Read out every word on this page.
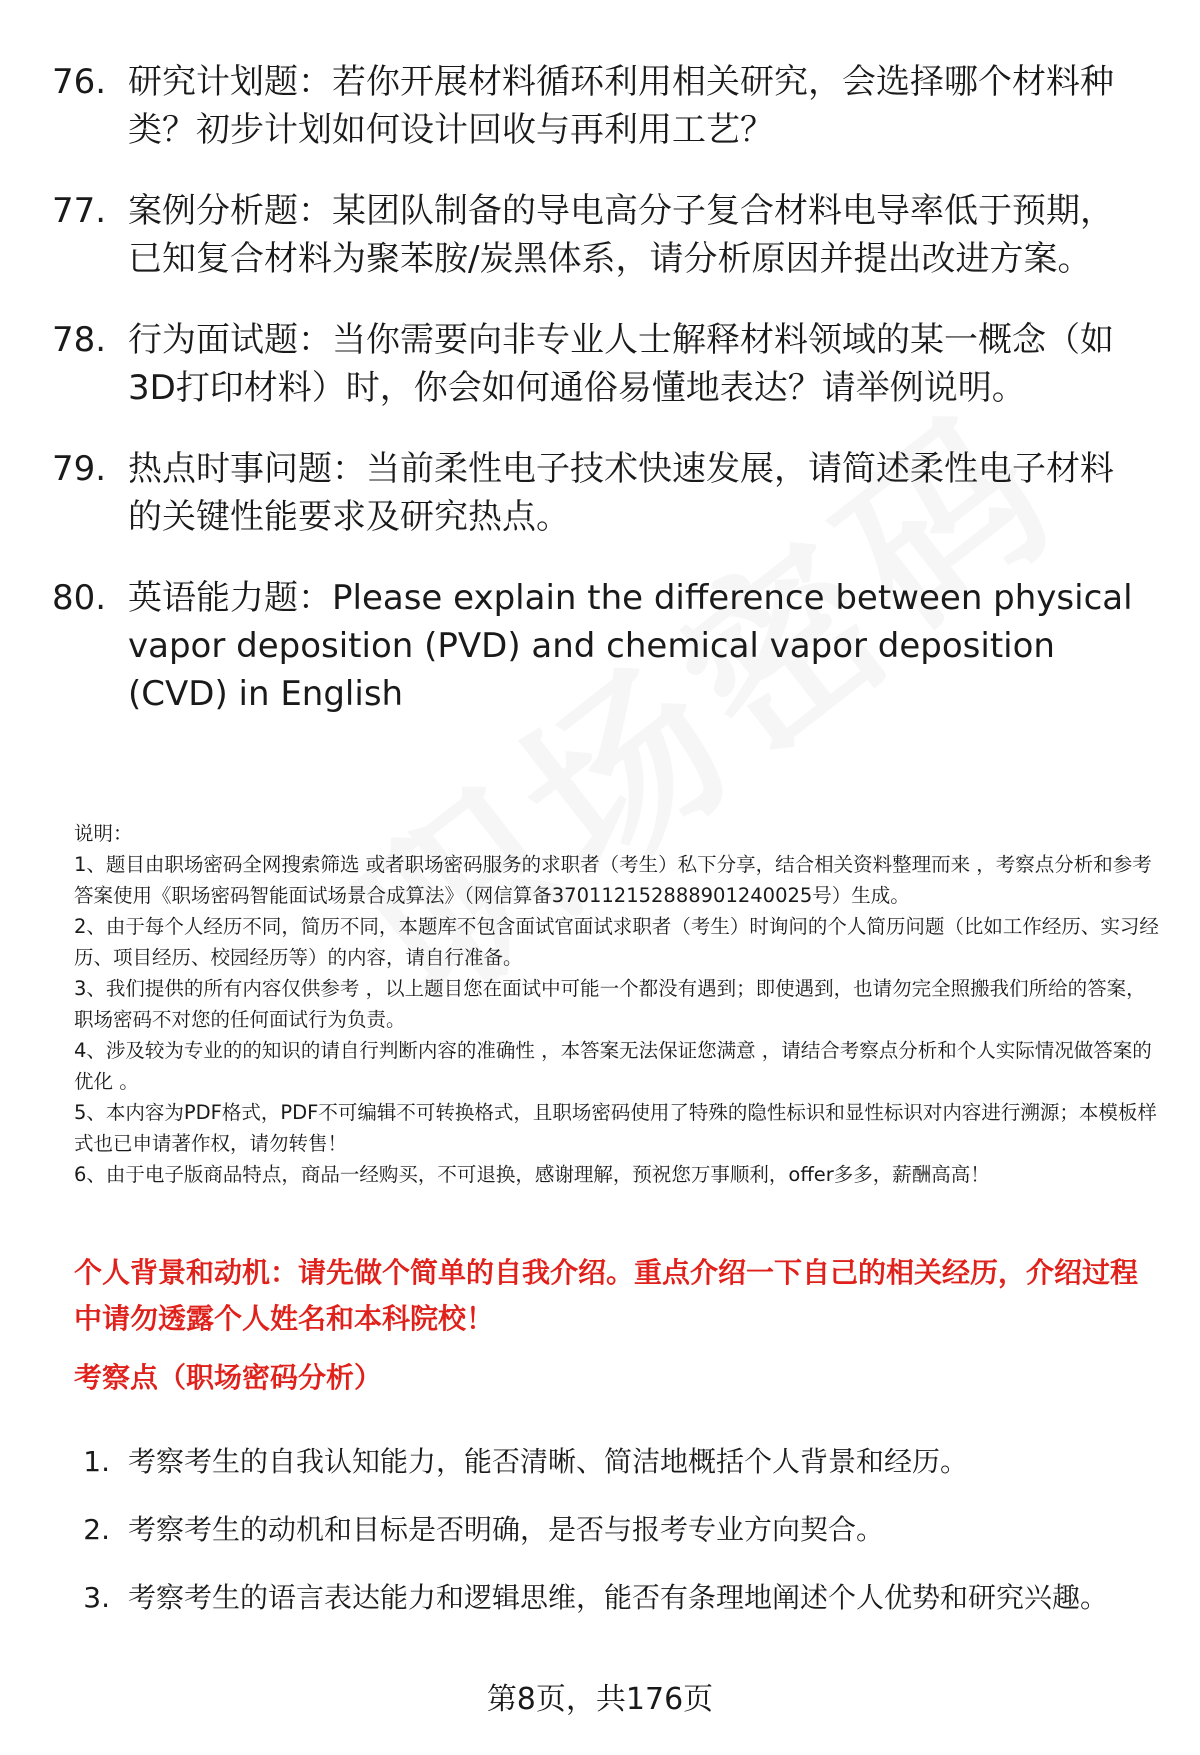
76. 研究计划题：若你开展材料循环利用相关研究，会选择哪个材料种类？初步计划如何设计回收与再利用工艺？
77. 案例分析题：某团队制备的导电高分子复合材料电导率低于预期，已知复合材料为聚苯胺/炭黑体系，请分析原因并提出改进方案。
78. 行为面试题：当你需要向非专业人士解释材料领域的某一概念（如3D打印材料）时，你会如何通俗易懂地表达？请举例说明。
79. 热点时事问题：当前柔性电子技术快速发展，请简述柔性电子材料的关键性能要求及研究热点。
80. 英语能力题：Please explain the difference between physical vapor deposition (PVD) and chemical vapor deposition (CVD) in English
说明：
1、题目由职场密码全网搜索筛选 或者职场密码服务的求职者（考生）私下分享，结合相关资料整理而来 ，考察点分析和参考答案使用《职场密码智能面试场景合成算法》（网信算备370112152888901240025号）生成。
2、由于每个人经历不同，简历不同，本题库不包含面试官面试求职者（考生）时询问的个人简历问题（比如工作经历、实习经历、项目经历、校园经历等）的内容，请自行准备。
3、我们提供的所有内容仅供参考 ，以上题目您在面试中可能一个都没有遇到；即使遇到，也请勿完全照搬我们所给的答案，职场密码不对您的任何面试行为负责。
4、涉及较为专业的的知识的请自行判断内容的准确性 ，本答案无法保证您满意 ，请结合考察点分析和个人实际情况做答案的优化 。
5、本内容为PDF格式，PDF不可编辑不可转换格式，且职场密码使用了特殊的隐性标识和显性标识对内容进行溯源；本模板样式也已申请著作权，请勿转售！
6、由于电子版商品特点，商品一经购买，不可退换，感谢理解，预祝您万事顺利，offer多多，薪酬高高！
个人背景和动机：请先做个简单的自我介绍。重点介绍一下自己的相关经历，介绍过程中请勿透露个人姓名和本科院校！
考察点（职场密码分析）
1. 考察考生的自我认知能力，能否清晰、简洁地概括个人背景和经历。
2. 考察考生的动机和目标是否明确，是否与报考专业方向契合。
3. 考察考生的语言表达能力和逻辑思维，能否有条理地阐述个人优势和研究兴趣。
第8页，共176页
